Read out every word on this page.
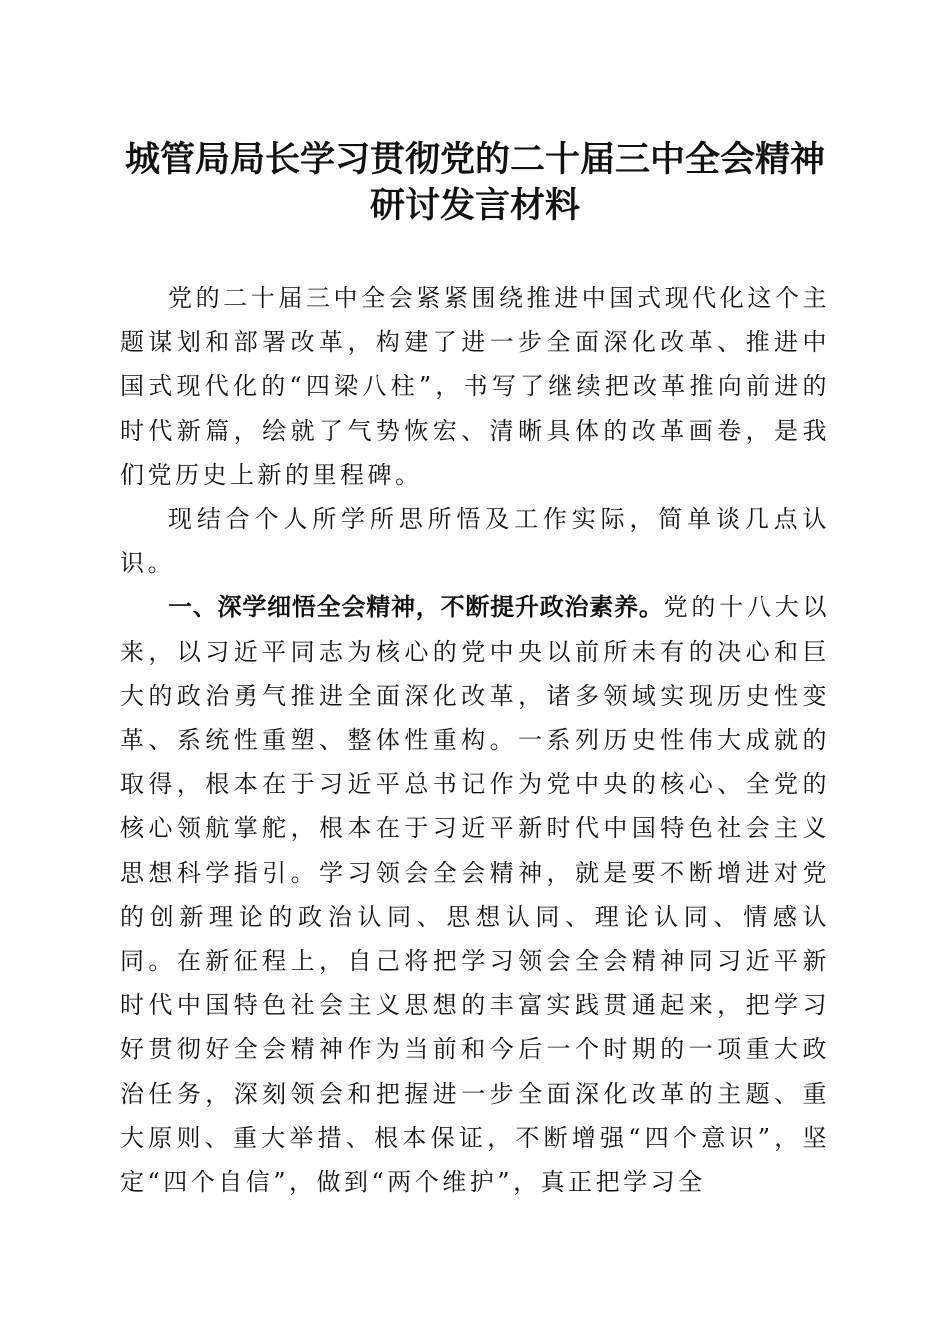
城管局局长学习贯彻党的二十届三中全会精神
研讨发言材料

党的二十届三中全会紧紧围绕推进中国式现代化这个主题谋划和部署改革，构建了进一步全面深化改革、推进中国式现代化的“四梁八柱”，书写了继续把改革推向前进的时代新篇，绘就了气势恢宏、清晰具体的改革画卷，是我们党历史上新的里程碑。

现结合个人所学所思所悟及工作实际，简单谈几点认识。

一、深学细悟全会精神，不断提升政治素养。党的十八大以来，以习近平同志为核心的党中央以前所未有的决心和巨大的政治勇气推进全面深化改革，诸多领域实现历史性变革、系统性重塑、整体性重构。一系列历史性伟大成就的取得，根本在于习近平总书记作为党中央的核心、全党的核心领航掌舵，根本在于习近平新时代中国特色社会主义思想科学指引。学习领会全会精神，就是要不断增进对党的创新理论的政治认同、思想认同、理论认同、情感认同。在新征程上，自己将把学习领会全会精神同习近平新时代中国特色社会主义思想的丰富实践贯通起来，把学习好贯彻好全会精神作为当前和今后一个时期的一项重大政治任务，深刻领会和把握进一步全面深化改革的主题、重大原则、重大举措、根本保证，不断增强“四个意识”，坚定“四个自信”，做到“两个维护”，真正把学习全
